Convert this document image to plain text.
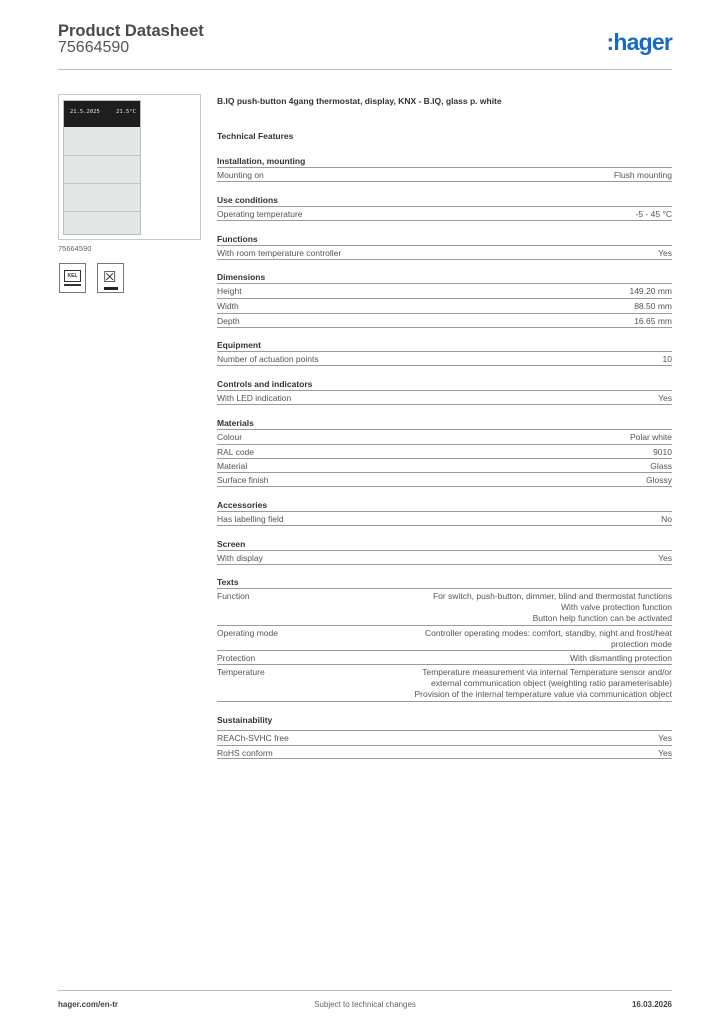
Product Datasheet
75664590	:hager
21.5.2025	21.5°C
75664590
KEL ☒
B.IQ push-button 4gang thermostat, display, KNX - B.IQ, glass p. white
Technical Features
Installation, mounting
Mounting on	Flush mounting
Use conditions
Operating temperature	-5 - 45 °C
Functions
With room temperature controller	Yes
Dimensions
Height	149.20 mm
Width	88.50 mm
Depth	16.65 mm
Equipment
Number of actuation points	10
Controls and indicators
With LED indication	Yes
Materials
Colour	Polar white
RAL code	9010
Material	Glass
Surface finish	Glossy
Accessories
Has labelling field	No
Screen
With display	Yes
Texts
Function	For switch, push-button, dimmer, blind and thermostat functions
With valve protection function
Button help function can be activated
Operating mode	Controller operating modes: comfort, standby, night and frost/heat
protection mode
Protection	With dismantling protection
Temperature	Temperature measurement via internal Temperature sensor and/or
external communication object (weighting ratio parameterisable)
Provision of the internal temperature value via communication object
Sustainability
REACh-SVHC free	Yes
RoHS conform	Yes
hager.com/en-tr	Subject to technical changes	16.03.2026
